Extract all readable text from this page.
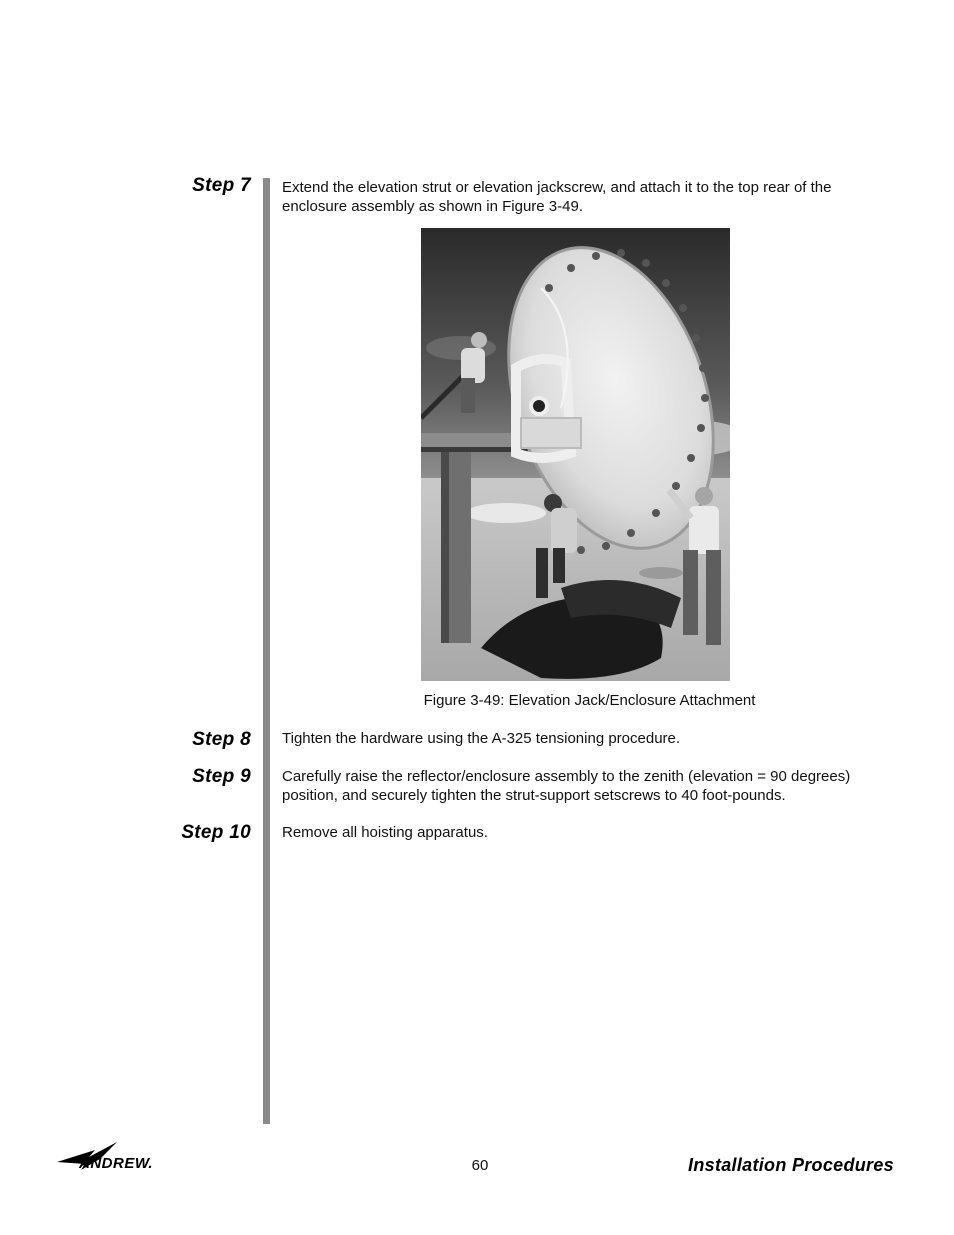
Step 7
Step 8
Step 9
Step 10
Extend the elevation strut or elevation jackscrew, and attach it to the top rear of the enclosure assembly as shown in Figure 3-49.
Tighten the hardware using the A-325 tensioning procedure.
Carefully raise the reflector/enclosure assembly to the zenith (elevation = 90 degrees) position, and securely tighten the strut-support setscrews to 40 foot-pounds.
Remove all hoisting apparatus.
Figure 3-49: Elevation Jack/Enclosure Attachment
ANDREW.	60	Installation Procedures
